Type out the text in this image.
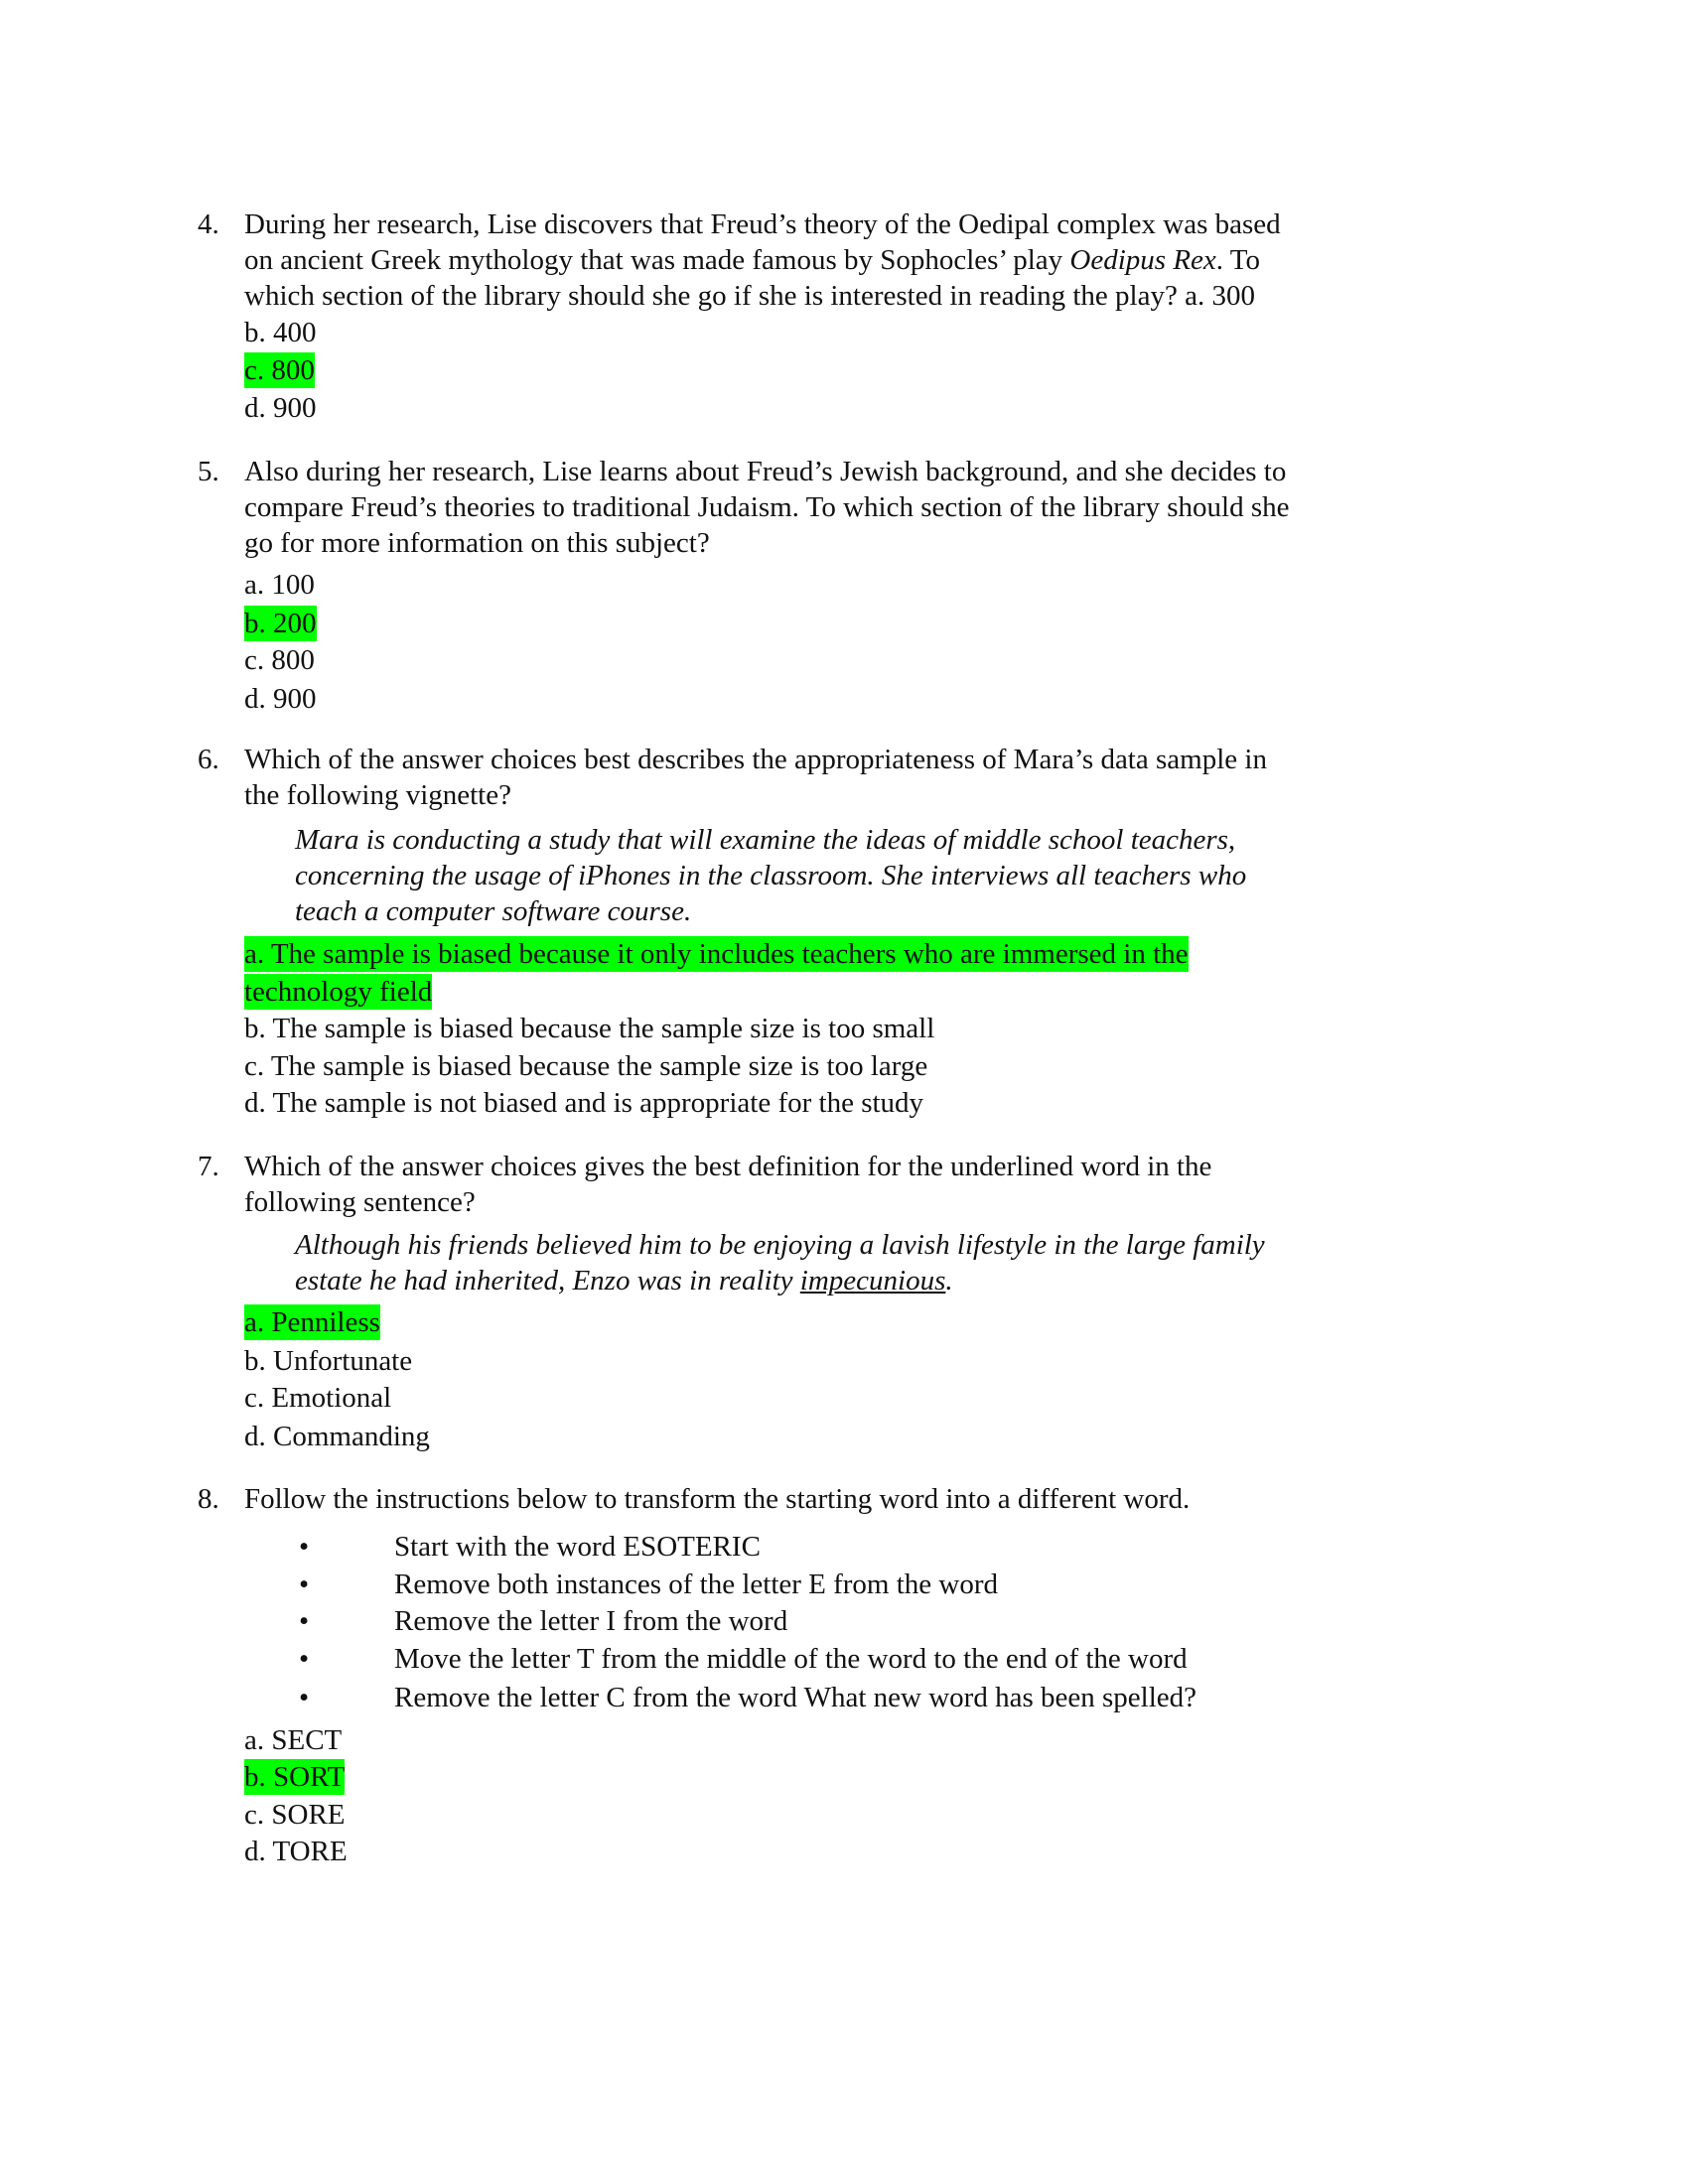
4. During her research, Lise discovers that Freud’s theory of the Oedipal complex was based
on ancient Greek mythology that was made famous by Sophocles’ play Oedipus Rex. To
which section of the library should she go if she is interested in reading the play? a. 300
b. 400
c. 800
d. 900
5. Also during her research, Lise learns about Freud’s Jewish background, and she decides to
compare Freud’s theories to traditional Judaism. To which section of the library should she
go for more information on this subject?
a. 100
b. 200
c. 800
d. 900
6. Which of the answer choices best describes the appropriateness of Mara’s data sample in
the following vignette?
Mara is conducting a study that will examine the ideas of middle school teachers,
concerning the usage of iPhones in the classroom. She interviews all teachers who
teach a computer software course.
a. The sample is biased because it only includes teachers who are immersed in the
technology field
b. The sample is biased because the sample size is too small
c. The sample is biased because the sample size is too large
d. The sample is not biased and is appropriate for the study
7. Which of the answer choices gives the best definition for the underlined word in the
following sentence?
Although his friends believed him to be enjoying a lavish lifestyle in the large family
estate he had inherited, Enzo was in reality impecunious.
a. Penniless
b. Unfortunate
c. Emotional
d. Commanding
8. Follow the instructions below to transform the starting word into a different word.
•	Start with the word ESOTERIC
•	Remove both instances of the letter E from the word
•	Remove the letter I from the word
•	Move the letter T from the middle of the word to the end of the word
•	Remove the letter C from the word What new word has been spelled?
a. SECT
b. SORT
c. SORE
d. TORE
